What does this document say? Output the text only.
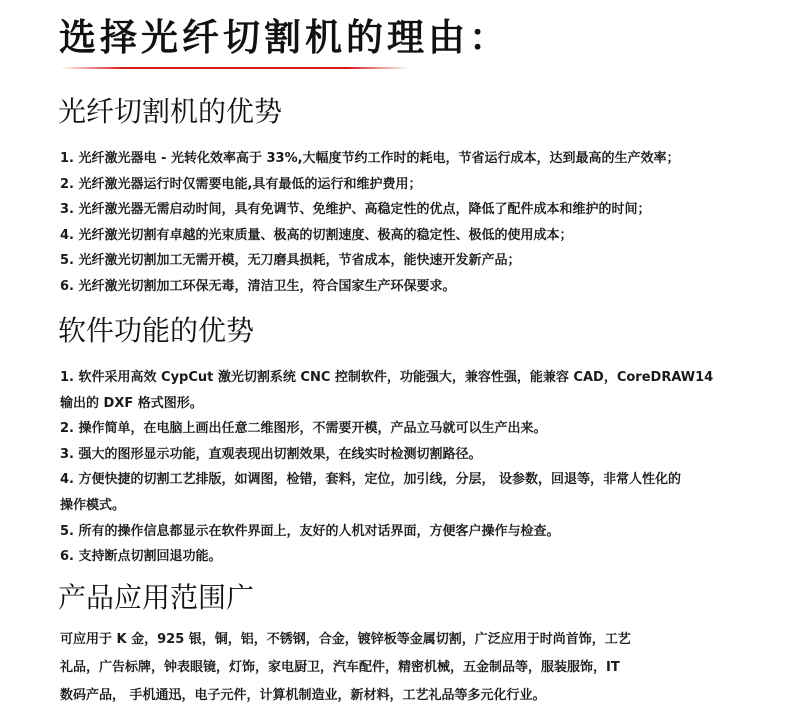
选择光纤切割机的理由：
光纤切割机的优势
1. 光纤激光器电 - 光转化效率高于 33%,大幅度节约工作时的耗电，节省运行成本，达到最高的生产效率；
2. 光纤激光器运行时仅需要电能,具有最低的运行和维护费用；
3. 光纤激光器无需启动时间，具有免调节、免维护、高稳定性的优点，降低了配件成本和维护的时间；
4. 光纤激光切割有卓越的光束质量、极高的切割速度、极高的稳定性、极低的使用成本；
5. 光纤激光切割加工无需开模，无刀磨具损耗，节省成本，能快速开发新产品；
6. 光纤激光切割加工环保无毒，清洁卫生，符合国家生产环保要求。
软件功能的优势
1. 软件采用高效 CypCut 激光切割系统 CNC 控制软件，功能强大，兼容性强，能兼容 CAD，CoreDRAW14
输出的 DXF 格式图形。
2. 操作简单，在电脑上画出任意二维图形，不需要开模，产品立马就可以生产出来。
3. 强大的图形显示功能，直观表现出切割效果，在线实时检测切割路径。
4. 方便快捷的切割工艺排版，如调图，检错，套料，定位，加引线，分层， 设参数，回退等，非常人性化的
操作模式。
5. 所有的操作信息都显示在软件界面上，友好的人机对话界面，方便客户操作与检查。
6. 支持断点切割回退功能。
产品应用范围广

可应用于 K 金，925 银，铜，铝，不锈钢，合金，镀锌板等金属切割，广泛应用于时尚首饰，工艺

礼品，广告标牌，钟表眼镜，灯饰，家电厨卫，汽车配件，精密机械，五金制品等，服装服饰，IT

数码产品， 手机通迅，电子元件，计算机制造业，新材料，工艺礼品等多元化行业。
